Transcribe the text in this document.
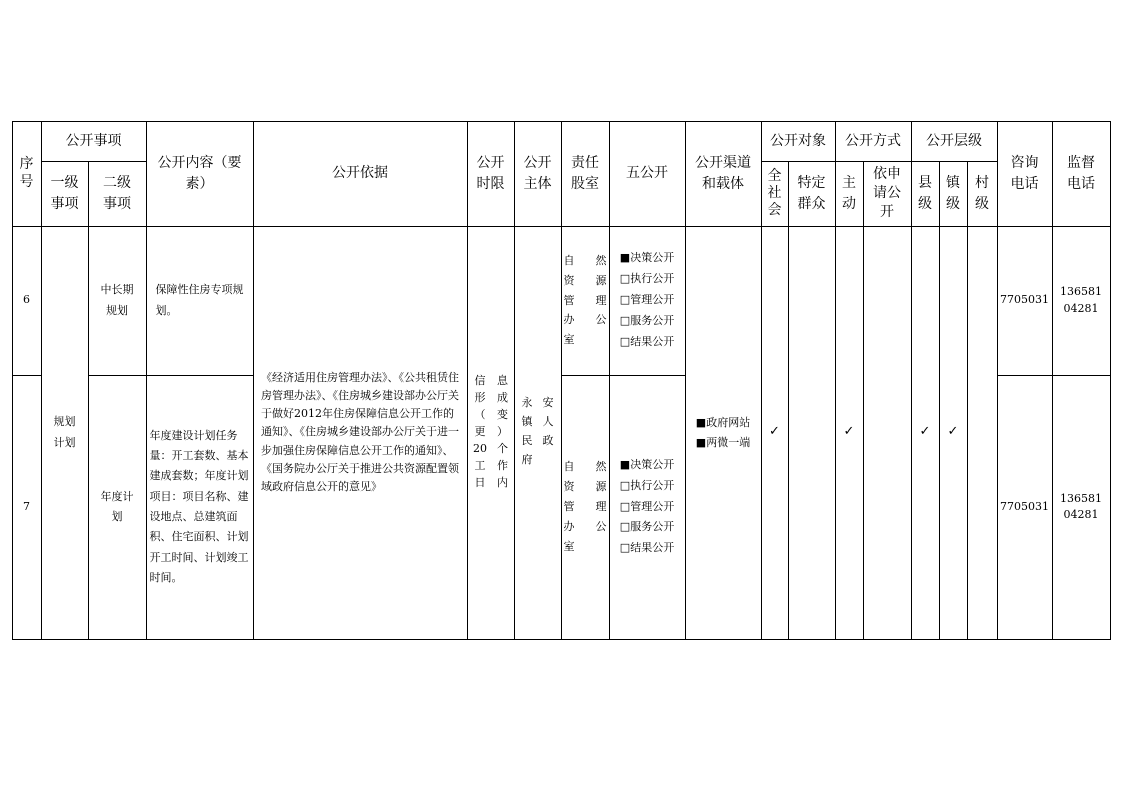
序号
公开事项
一级事项
二级事项
公开内容（要素）
公开依据
公开时限
公开主体
责任股室
五公开
公开渠道和载体
公开对象
全社会
特定群众
公开方式
主动
依申请公开
公开层级
县级
镇级
村级
咨询电话
监督电话
6
中长期规划
保障性住房专项规划。
自 然
资 源
管 理
办 公
室
■决策公开
□执行公开
□管理公开
□服务公开
□结果公开
7705031
13658104281
7
年度计划
年度建设计划任务量：开工套数、基本建成套数；年度计划项目：项目名称、建设地点、总建筑面积、住宅面积、计划开工时间、计划竣工时间。
自 然
资 源
管 理
办 公
室
■决策公开
□执行公开
□管理公开
□服务公开
□结果公开
7705031
13658104281
规划计划
《经济适用住房管理办法》、《公共租赁住房管理办法》、《住房城乡建设部办公厅关于做好2012年住房保障信息公开工作的通知》、《住房城乡建设部办公厅关于进一步加强住房保障信息公开工作的通知》、《国务院办公厅关于推进公共资源配置领域政府信息公开的意见》
信
形
（
更
20
工
日
息
成
变
）
个
作
内
永
镇
民
府
安
人
政
■政府网站
■两微一端
✓	✓	✓ ✓
